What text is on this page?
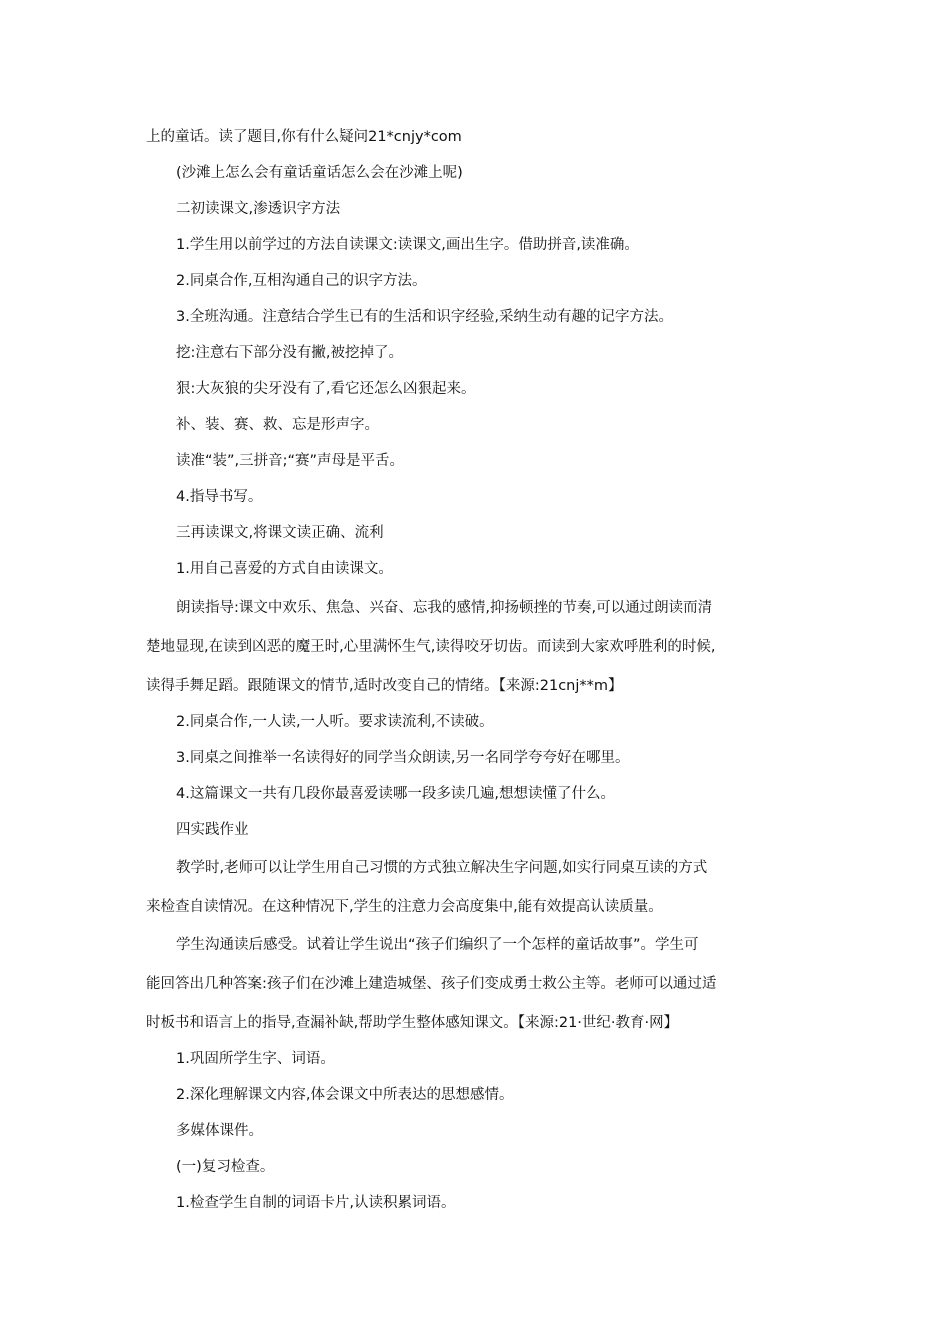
上的童话。读了题目,你有什么疑问21*cnjy*com
(沙滩上怎么会有童话童话怎么会在沙滩上呢)
二初读课文,渗透识字方法
1.学生用以前学过的方法自读课文:读课文,画出生字。借助拼音,读准确。
2.同桌合作,互相沟通自己的识字方法。
3.全班沟通。注意结合学生已有的生活和识字经验,采纳生动有趣的记字方法。
挖:注意右下部分没有撇,被挖掉了。
狠:大灰狼的尖牙没有了,看它还怎么凶狠起来。
补、装、赛、救、忘是形声字。
读准“装”,三拼音;“赛”声母是平舌。
4.指导书写。
三再读课文,将课文读正确、流利
1.用自己喜爱的方式自由读课文。
朗读指导:课文中欢乐、焦急、兴奋、忘我的感情,抑扬顿挫的节奏,可以通过朗读而清
楚地显现,在读到凶恶的魔王时,心里满怀生气,读得咬牙切齿。而读到大家欢呼胜利的时候,
读得手舞足蹈。跟随课文的情节,适时改变自己的情绪。【来源:21cnj**m】
2.同桌合作,一人读,一人听。要求读流利,不读破。
3.同桌之间推举一名读得好的同学当众朗读,另一名同学夸夸好在哪里。
4.这篇课文一共有几段你最喜爱读哪一段多读几遍,想想读懂了什么。
四实践作业
教学时,老师可以让学生用自己习惯的方式独立解决生字问题,如实行同桌互读的方式
来检查自读情况。在这种情况下,学生的注意力会高度集中,能有效提高认读质量。
学生沟通读后感受。试着让学生说出“孩子们编织了一个怎样的童话故事”。学生可
能回答出几种答案:孩子们在沙滩上建造城堡、孩子们变成勇士救公主等。老师可以通过适
时板书和语言上的指导,查漏补缺,帮助学生整体感知课文。【来源:21·世纪·教育·网】
1.巩固所学生字、词语。
2.深化理解课文内容,体会课文中所表达的思想感情。
多媒体课件。
(一)复习检查。
1.检查学生自制的词语卡片,认读积累词语。
